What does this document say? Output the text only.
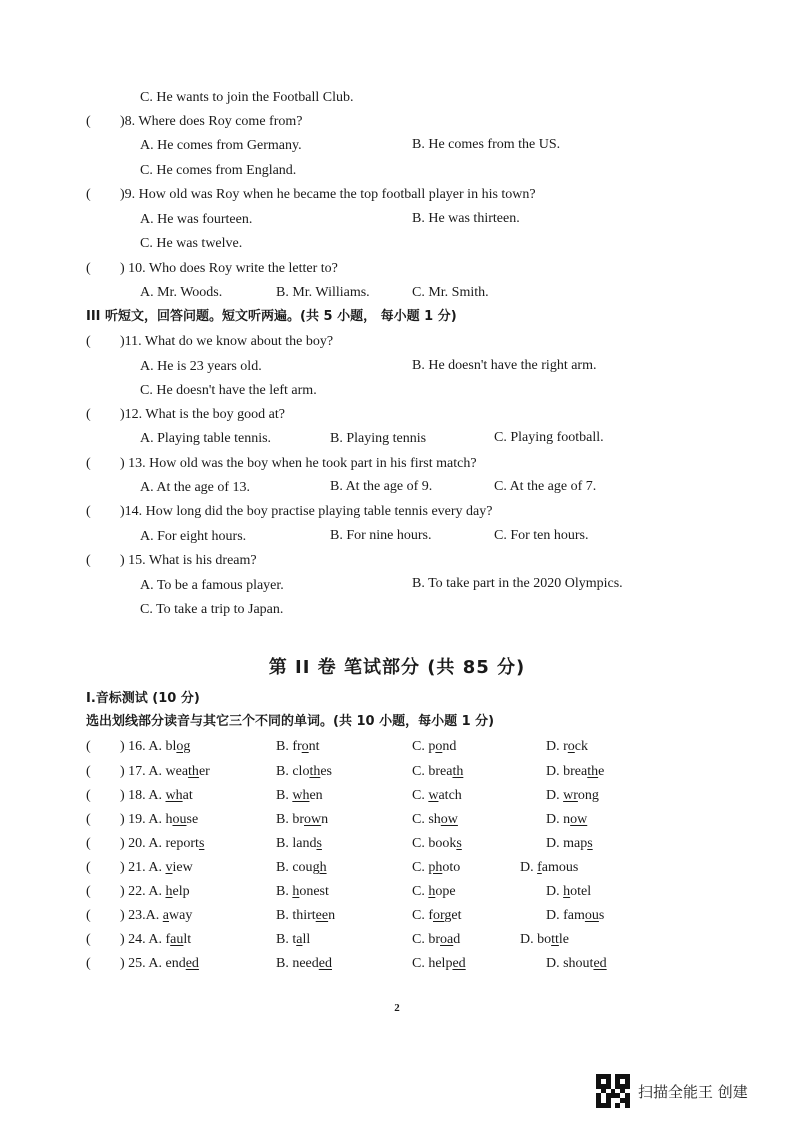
C. He wants to join the Football Club.
( )8. Where does Roy come from?
A. He comes from Germany.	B. He comes from the US.
C. He comes from England.
( )9. How old was Roy when he became the top football player in his town?
A. He was fourteen.	B. He was thirteen.
C. He was twelve.
( ) 10. Who does Roy write the letter to?
A. Mr. Woods.	B. Mr. Williams.	C. Mr. Smith.
III 听短文，回答问题。短文听两遍。(共 5 小题， 每小题 1 分)
( )11. What do we know about the boy?
A. He is 23 years old.	B. He doesn't have the right arm.
C. He doesn't have the left arm.
( )12. What is the boy good at?
A. Playing table tennis.	B. Playing tennis	C. Playing football.
( ) 13. How old was the boy when he took part in his first match?
A. At the age of 13.	B. At the age of 9.	C. At the age of 7.
( )14. How long did the boy practise playing table tennis every day?
A. For eight hours.	B. For nine hours.	C. For ten hours.
( ) 15. What is his dream?
A. To be a famous player.	B. To take part in the 2020 Olympics.
C. To take a trip to Japan.
第 II 卷 笔试部分 (共 85 分)
I.音标测试 (10 分)
选出划线部分读音与其它三个不同的单词。(共 10 小题，每小题 1 分)
( ) 16. A. blog	B. front	C. pond	D. rock
( ) 17. A. weather	B. clothes	C. breath	D. breathe
( ) 18. A. what	B. when	C. watch	D. wrong
( ) 19. A. house	B. brown	C. show	D. now
( ) 20. A. reports	B. lands	C. books	D. maps
( ) 21. A. view	B. cough	C. photo	D. famous
( ) 22. A. help	B. honest	C. hope	D. hotel
( ) 23.A. away	B. thirteen	C. forget	D. famous
( ) 24. A. fault	B. tall	C. broad	D. bottle
( ) 25. A. ended	B. needed	C. helped	D. shouted
2
扫描全能王 创建
